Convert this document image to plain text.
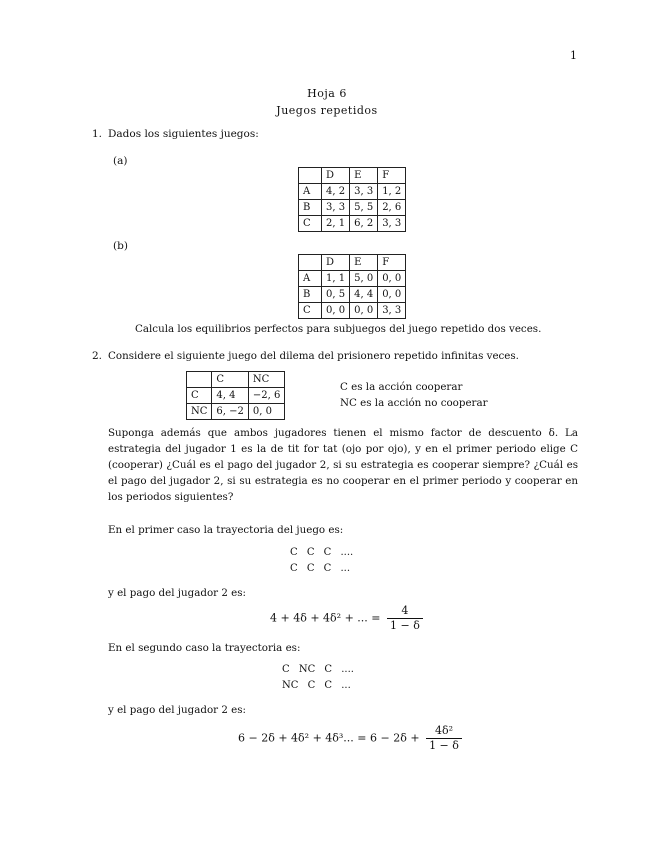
1
Hoja 6
Juegos repetidos
1. Dados los siguientes juegos:
(a)
	D	E	F
A	4, 2	3, 3	1, 2
B	3, 3	5, 5	2, 6
C	2, 1	6, 2	3, 3
(b)
	D	E	F
A	1, 1	5, 0	0, 0
B	0, 5	4, 4	0, 0
C	0, 0	0, 0	3, 3
Calcula los equilibrios perfectos para subjuegos del juego repetido dos veces.
2. Considere el siguiente juego del dilema del prisionero repetido infinitas veces.
	C	NC
C	4, 4	−2, 6
NC	6, −2	0, 0
C es la acción cooperar
NC es la acción no cooperar
Suponga además que ambos jugadores tienen el mismo factor de descuento δ. La estrategia del jugador 1 es la de tit for tat (ojo por ojo), y en el primer periodo elige C (cooperar) ¿Cuál es el pago del jugador 2, si su estrategia es cooperar siempre? ¿Cuál es el pago del jugador 2, si su estrategia es no cooperar en el primer periodo y cooperar en los periodos siguientes?
En el primer caso la trayectoria del juego es:
C C C ....
C C C ...
y el pago del jugador 2 es:
4 + 4δ + 4δ² + ... = $\frac{4}{1 - \delta}$
En el segundo caso la trayectoria es:
C NC C ....
NC C C ...
y el pago del jugador 2 es:
6 − 2δ + 4δ² + 4δ³... = $6 - 2\delta + \frac{\text{4δ²}}{1 - \delta}$
